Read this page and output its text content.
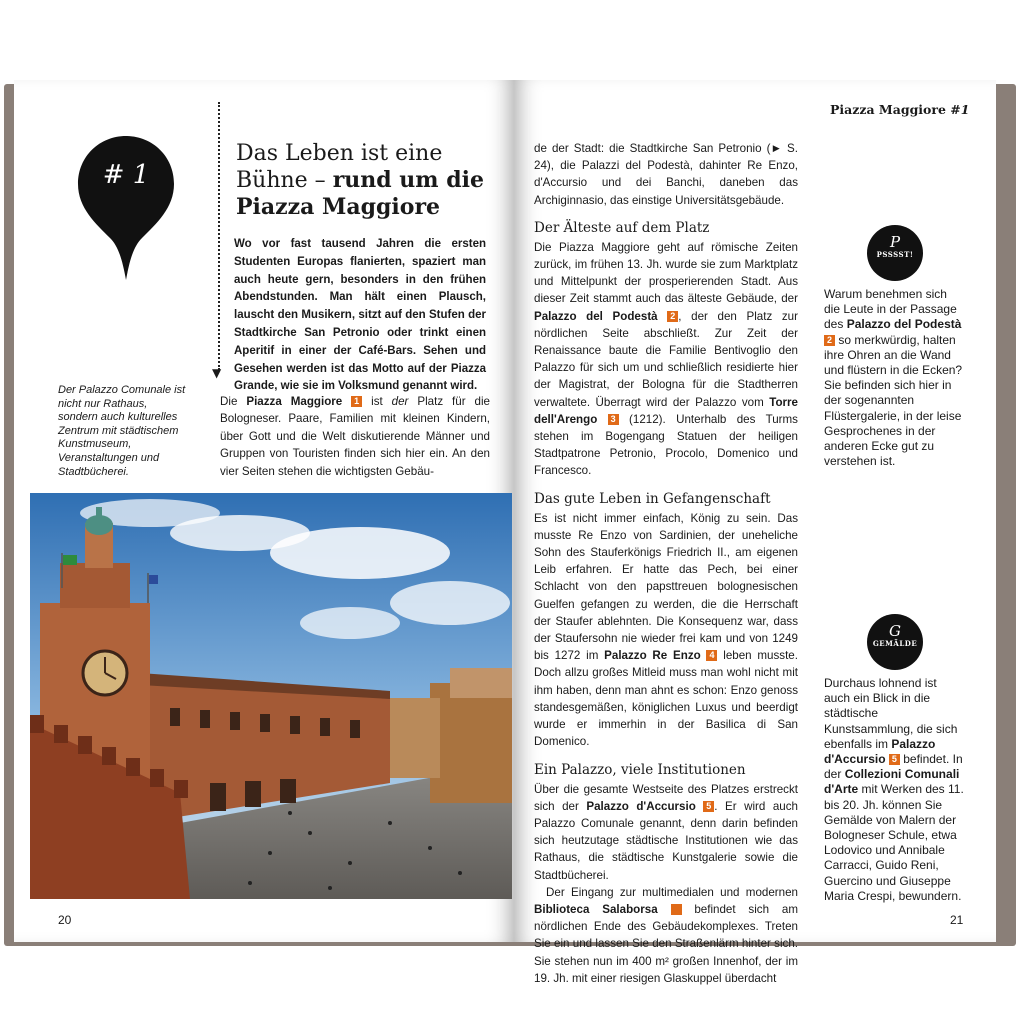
# 1
▼
Das Leben ist eine Bühne – rund um die Piazza Maggiore
Wo vor fast tausend Jahren die ersten Studenten Europas flanierten, spaziert man auch heute gern, besonders in den frühen Abendstunden. Man hält einen Plausch, lauscht den Musikern, sitzt auf den Stufen der Stadtkirche San Petronio oder trinkt einen Aperitif in einer der Café-Bars. Sehen und Gesehen werden ist das Motto auf der Piazza Grande, wie sie im Volksmund genannt wird.
Der Palazzo Comunale ist nicht nur Rathaus, sondern auch kulturelles Zentrum mit städtischem Kunstmuseum, Veranstaltungen und Stadtbücherei.
Die Piazza Maggiore 1 ist der Platz für die Bologneser. Paare, Familien mit kleinen Kindern, über Gott und die Welt diskutierende Männer und Gruppen von Touristen finden sich hier ein. An den vier Seiten stehen die wichtigsten Gebäu-
20
Piazza Maggiore #1

de der Stadt: die Stadtkirche San Petronio (► S. 24), die Palazzi del Podestà, dahinter Re Enzo, d'Accursio und dei Banchi, daneben das Archiginnasio, das einstige Universitätsgebäude.

Der Älteste auf dem Platz

Die Piazza Maggiore geht auf römische Zeiten zurück, im frühen 13. Jh. wurde sie zum Marktplatz und Mittelpunkt der prosperierenden Stadt. Aus dieser Zeit stammt auch das älteste Gebäude, der Palazzo del Podestà 2 , der den Platz zur nördlichen Seite abschließt. Zur Zeit der Renaissance baute die Familie Bentivoglio den Palazzo für sich um und schließlich residierte hier der Magistrat, der Bologna für die Stadtherren verwaltete. Überragt wird der Palazzo vom Torre dell'Arengo 3 (1212). Unterhalb des Turms stehen im Bogengang Statuen der heiligen Stadtpatrone Petronio, Procolo, Domenico und Francesco.

Das gute Leben in Gefangenschaft

Es ist nicht immer einfach, König zu sein. Das musste Re Enzo von Sardinien, der uneheliche Sohn des Stauferkönigs Friedrich II., am eigenen Leib erfahren. Er hatte das Pech, bei einer Schlacht von den papsttreuen bolognesischen Guelfen gefangen zu werden, die die Herrschaft der Staufer ablehnten. Die Konsequenz war, dass der Staufersohn nie wieder frei kam und von 1249 bis 1272 im Palazzo Re Enzo 4 leben musste. Doch allzu großes Mitleid muss man wohl nicht mit ihm haben, denn man ahnt es schon: Enzo genoss standesgemäßen, königlichen Luxus und beerdigt wurde er immerhin in der Basilica di San Domenico.

Ein Palazzo, viele Institutionen

Über die gesamte Westseite des Platzes erstreckt sich der Palazzo d'Accursio 5 . Er wird auch Palazzo Comunale genannt, denn darin befinden sich heutzutage städtische Institutionen wie das Rathaus, die städtische Kunstgalerie sowie die Stadtbücherei.

Der Eingang zur multimedialen und modernen Biblioteca Salaborsa	6 befindet sich am nördlichen Ende des Gebäudekomplexes. Treten Sie ein und lassen Sie den Straßenlärm hinter sich. Sie stehen nun im 400 m² großen Innenhof, der im 19. Jh. mit einer riesigen Glaskuppel überdacht

P
PSSSST!
Warum benehmen sich die Leute in der Passage des Palazzo del Podestà 2 so merkwürdig, halten ihre Ohren an die Wand und flüstern in die Ecken? Sie befinden sich hier in der sogenannten Flüstergalerie, in der leise Gesprochenes in der anderen Ecke gut zu verstehen ist.
G
GEMÄLDE
Durchaus lohnend ist auch ein Blick in die städtische Kunstsammlung, die sich ebenfalls im Palazzo d'Accursio 5 befindet. In der Collezioni Comunali d'Arte mit Werken des 11. bis 20. Jh. können Sie Gemälde von Malern der Bologneser Schule, etwa Lodovico und Annibale Carracci, Guido Reni, Guercino und Giuseppe Maria Crespi, bewundern.
21
